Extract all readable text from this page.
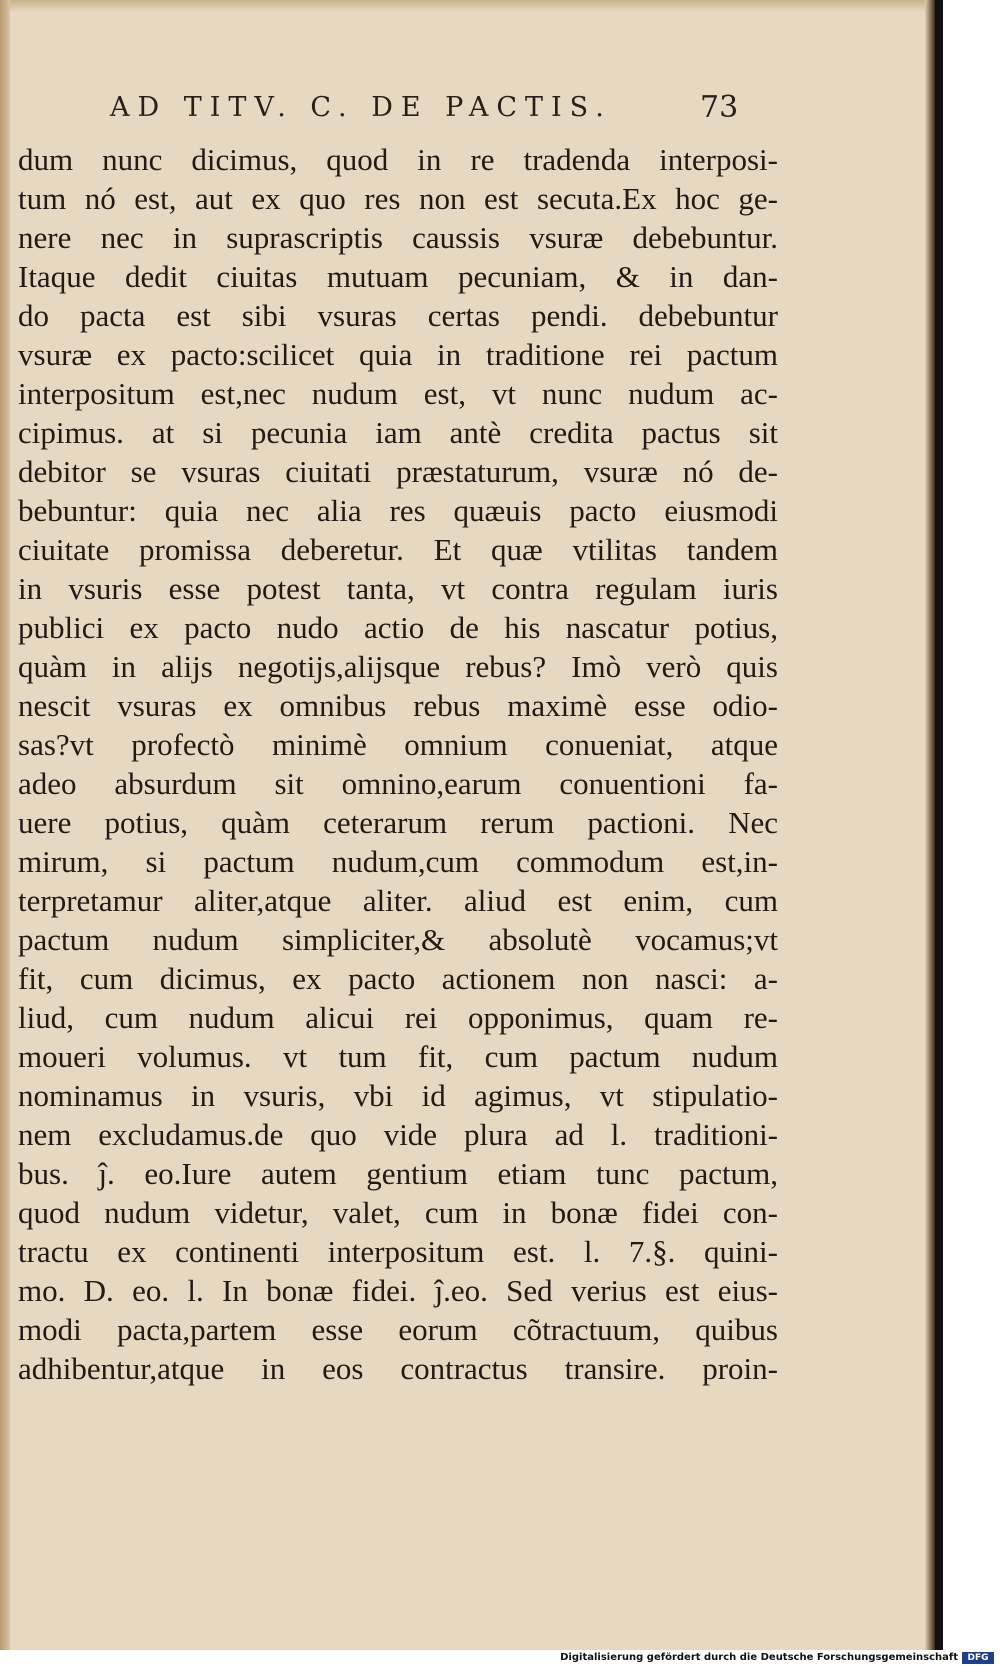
AD TITV. C. DE PACTIS.	73
dum nunc dicimus, quod in re tradenda interposi-
tum nó est, aut ex quo res non est secuta.Ex hoc ge-
nere nec in suprascriptis caussis vsuræ debebuntur.
Itaque dedit ciuitas mutuam pecuniam, & in dan-
do pacta est sibi vsuras certas pendi. debebuntur
vsuræ ex pacto:scilicet quia in traditione rei pactum
interpositum est,nec nudum est, vt nunc nudum ac-
cipimus. at si pecunia iam antè credita pactus sit
debitor se vsuras ciuitati præstaturum, vsuræ nó de-
bebuntur: quia nec alia res quæuis pacto eiusmodi
ciuitate promissa deberetur. Et quæ vtilitas tandem
in vsuris esse potest tanta, vt contra regulam iuris
publici ex pacto nudo actio de his nascatur potius,
quàm in alijs negotijs,alijsque rebus? Imò verò quis
nescit vsuras ex omnibus rebus maximè esse odio-
sas?vt profectò minimè omnium conueniat, atque
adeo absurdum sit omnino,earum conuentioni fa-
uere potius, quàm ceterarum rerum pactioni. Nec
mirum, si pactum nudum,cum commodum est,in-
terpretamur aliter,atque aliter. aliud est enim, cum
pactum nudum simpliciter,& absolutè vocamus;vt
fit, cum dicimus, ex pacto actionem non nasci: a-
liud, cum nudum alicui rei opponimus, quam re-
moueri volumus. vt tum fit, cum pactum nudum
nominamus in vsuris, vbi id agimus, vt stipulatio-
nem excludamus.de quo vide plura ad l. traditioni-
bus. ĵ. eo.Iure autem gentium etiam tunc pactum,
quod nudum videtur, valet, cum in bonæ fidei con-
tractu ex continenti interpositum est. l. 7.§. quini-
mo. D. eo. l. In bonæ fidei. ĵ.eo. Sed verius est eius-
modi pacta,partem esse eorum cõtractuum, quibus
adhibentur,atque in eos contractus transire. proin-
Digitalisierung gefördert durch die Deutsche Forschungsgemeinschaft	DFG
